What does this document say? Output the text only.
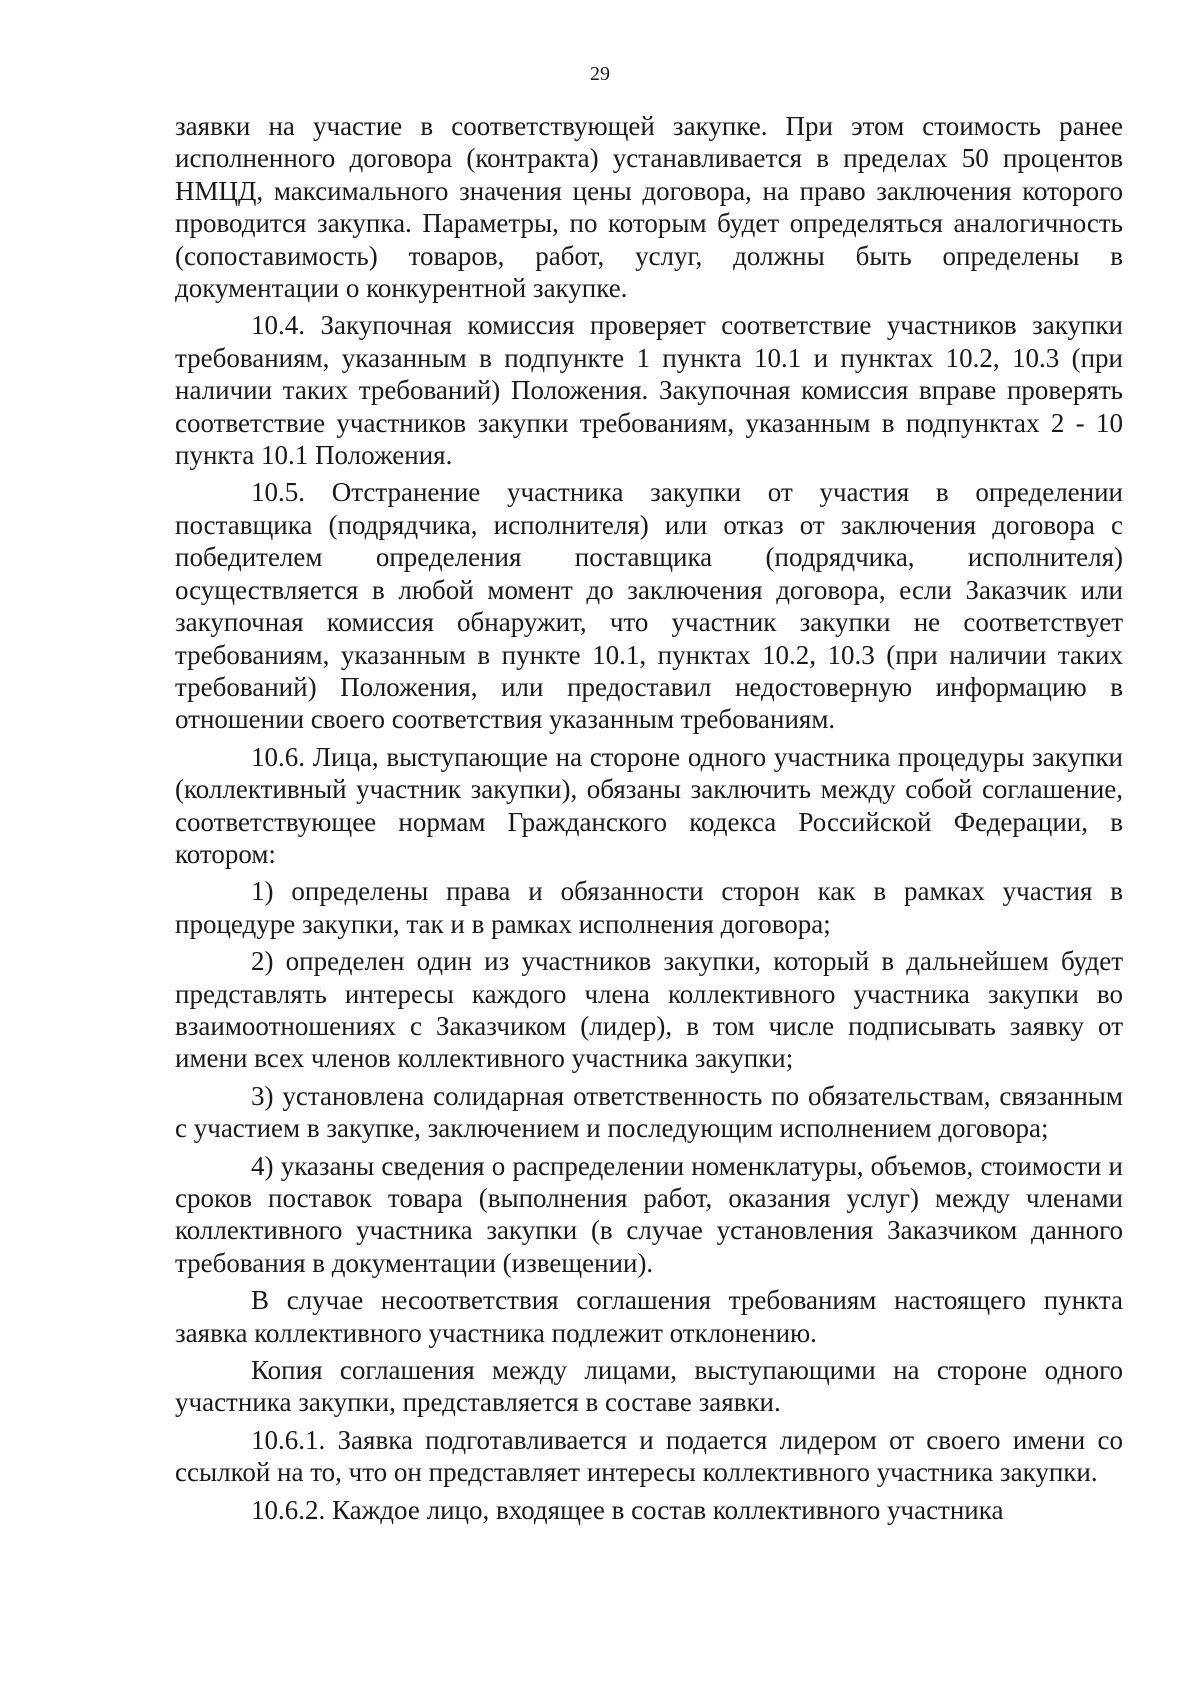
29

заявки на участие в соответствующей закупке. При этом стоимость ранее исполненного договора (контракта) устанавливается в пределах 50 процентов НМЦД, максимального значения цены договора, на право заключения которого проводится закупка. Параметры, по которым будет определяться аналогичность (сопоставимость) товаров, работ, услуг, должны быть определены в документации о конкурентной закупке.

10.4. Закупочная комиссия проверяет соответствие участников закупки требованиям, указанным в подпункте 1 пункта 10.1 и пунктах 10.2, 10.3 (при наличии таких требований) Положения. Закупочная комиссия вправе проверять соответствие участников закупки требованиям, указанным в подпунктах 2 - 10 пункта 10.1 Положения.

10.5. Отстранение участника закупки от участия в определении поставщика (подрядчика, исполнителя) или отказ от заключения договора с победителем определения поставщика (подрядчика, исполнителя) осуществляется в любой момент до заключения договора, если Заказчик или закупочная комиссия обнаружит, что участник закупки не соответствует требованиям, указанным в пункте 10.1, пунктах 10.2, 10.3 (при наличии таких требований) Положения, или предоставил недостоверную информацию в отношении своего соответствия указанным требованиям.

10.6. Лица, выступающие на стороне одного участника процедуры закупки (коллективный участник закупки), обязаны заключить между собой соглашение, соответствующее нормам Гражданского кодекса Российской Федерации, в котором:

1) определены права и обязанности сторон как в рамках участия в процедуре закупки, так и в рамках исполнения договора;

2) определен один из участников закупки, который в дальнейшем будет представлять интересы каждого члена коллективного участника закупки во взаимоотношениях с Заказчиком (лидер), в том числе подписывать заявку от имени всех членов коллективного участника закупки;

3) установлена солидарная ответственность по обязательствам, связанным с участием в закупке, заключением и последующим исполнением договора;

4) указаны сведения о распределении номенклатуры, объемов, стоимости и сроков поставок товара (выполнения работ, оказания услуг) между членами коллективного участника закупки (в случае установления Заказчиком данного требования в документации (извещении).

В случае несоответствия соглашения требованиям настоящего пункта заявка коллективного участника подлежит отклонению.

Копия соглашения между лицами, выступающими на стороне одного участника закупки, представляется в составе заявки.

10.6.1. Заявка подготавливается и подается лидером от своего имени со ссылкой на то, что он представляет интересы коллективного участника закупки.

10.6.2. Каждое лицо, входящее в состав коллективного участника
